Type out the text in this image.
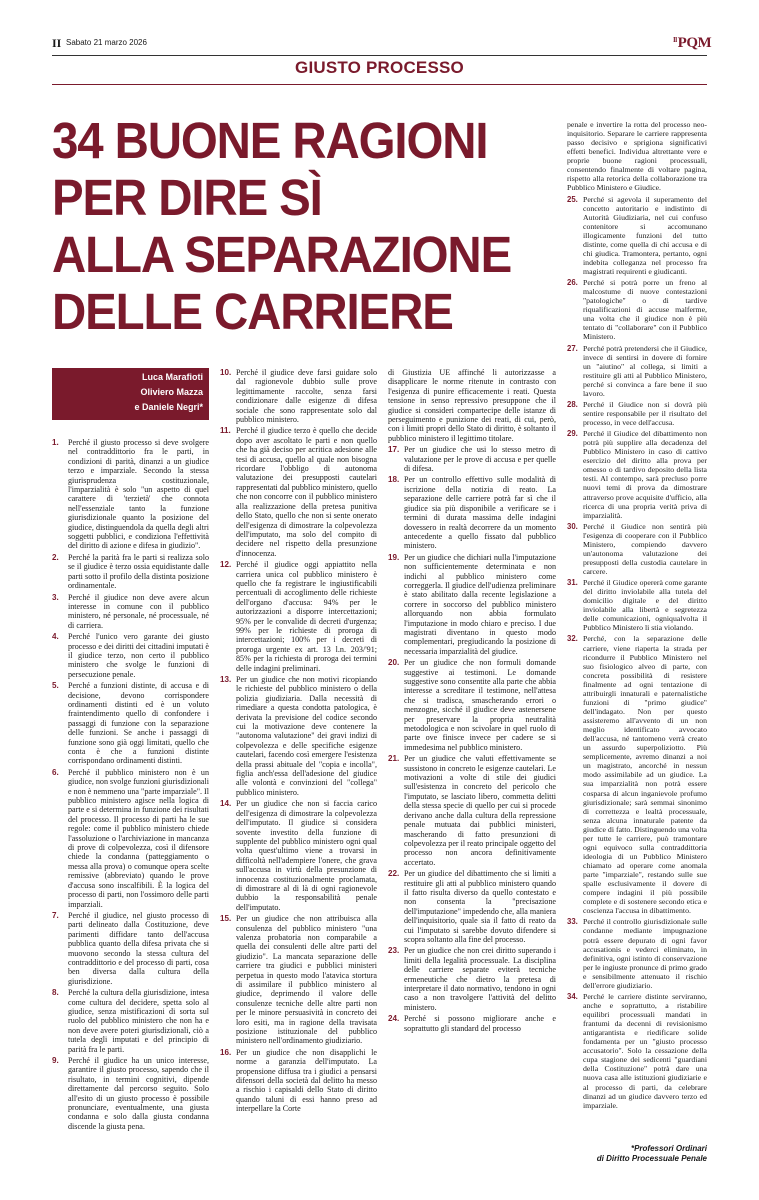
II Sabato 21 marzo 2026	$^{Il}$PQM
GIUSTO PROCESSO
34 BUONE RAGIONI
PER DIRE SÌ
ALLA SEPARAZIONE
DELLE CARRIERE
Luca Marafioti
Oliviero Mazza
e Daniele Negri*
1. Perché il giusto processo si deve svolgere nel contraddittorio fra le parti, in condizioni di parità, dinanzi a un giudice terzo e imparziale. Secondo la stessa giurisprudenza costituzionale, l'imparzialità è solo "un aspetto di quel carattere di 'terzietà' che connota nell'essenziale tanto la funzione giurisdizionale quanto la posizione del giudice, distinguendola da quella degli altri soggetti pubblici, e condiziona l'effettività del diritto di azione e difesa in giudizio".
2. Perché la parità fra le parti si realizza solo se il giudice è terzo ossia equidistante dalle parti sotto il profilo della distinta posizione ordinamentale.
3. Perché il giudice non deve avere alcun interesse in comune con il pubblico ministero, né personale, né processuale, né di carriera.
4. Perché l'unico vero garante dei giusto processo e dei diritti dei cittadini imputati è il giudice terzo, non certo il pubblico ministero che svolge le funzioni di persecuzione penale.
5. Perché a funzioni distinte, di accusa e di decisione, devono corrispondere ordinamenti distinti ed è un voluto fraintendimento quello di confondere i passaggi di funzione con la separazione delle funzioni. Se anche i passaggi di funzione sono già oggi limitati, quello che conta è che a funzioni distinte corrispondano ordinamenti distinti.
6. Perché il pubblico ministero non è un giudice, non svolge funzioni giurisdizionali e non è nemmeno una "parte imparziale". Il pubblico ministero agisce nella logica di parte e si determina in funzione dei risultati del processo. Il processo di parti ha le sue regole: come il pubblico ministero chiede l'assoluzione o l'archiviazione in mancanza di prove di colpevolezza, così il difensore chiede la condanna (patteggiamento o messa alla prova) o comunque opera scelte remissive (abbreviato) quando le prove d'accusa sono inscalfibili. È la logica del processo di parti, non l'ossimoro delle parti imparziali.
7. Perché il giudice, nel giusto processo di parti delineato dalla Costituzione, deve parimenti diffidare tanto dell'accusa pubblica quanto della difesa privata che si muovono secondo la stessa cultura del contraddittorio e del processo di parti, cosa ben diversa dalla cultura della giurisdizione.
8. Perché la cultura della giurisdizione, intesa come cultura del decidere, spetta solo al giudice, senza mistificazioni di sorta sul ruolo del pubblico ministero che non ha e non deve avere poteri giurisdizionali, ciò a tutela degli imputati e del principio di parità fra le parti.
9. Perché il giudice ha un unico interesse, garantire il giusto processo, sapendo che il risultato, in termini cognitivi, dipende direttamente dal percorso seguito. Solo all'esito di un giusto processo è possibile pronunciare, eventualmente, una giusta condanna e solo dalla giusta condanna discende la giusta pena.
10. Perché il giudice deve farsi guidare solo dal ragionevole dubbio sulle prove legittimamente raccolte, senza farsi condizionare dalle esigenze di difesa sociale che sono rappresentate solo dal pubblico ministero.
11. Perché il giudice terzo è quello che decide dopo aver ascoltato le parti e non quello che ha già deciso per acritica adesione alle tesi di accusa, quello al quale non bisogna ricordare l'obbligo di autonoma valutazione dei presupposti cautelari rappresentati dal pubblico ministero, quello che non concorre con il pubblico ministero alla realizzazione della pretesa punitiva dello Stato, quello che non si sente onerato dell'esigenza di dimostrare la colpevolezza dell'imputato, ma solo del compito di decidere nel rispetto della presunzione d'innocenza.
12. Perché il giudice oggi appiattito nella carriera unica col pubblico ministero è quello che fa registrare le ingiustificabili percentuali di accoglimento delle richieste dell'organo d'accusa: 94% per le autorizzazioni a disporre intercettazioni; 95% per le convalide di decreti d'urgenza; 99% per le richieste di proroga di intercettazioni; 100% per i decreti di proroga urgente ex art. 13 l.n. 203/'91; 85% per la richiesta di proroga dei termini delle indagini preliminari.
13. Per un giudice che non motivi ricopiando le richieste del pubblico ministero o della polizia giudiziaria. Dalla necessità di rimediare a questa condotta patologica, è derivata la previsione del codice secondo cui la motivazione deve contenere la "autonoma valutazione" dei gravi indizi di colpevolezza e delle specifiche esigenze cautelari, facendo così emergere l'esistenza della prassi abituale del "copia e incolla", figlia anch'essa dell'adesione del giudice alle volontà e convinzioni del "collega" pubblico ministero.
14. Per un giudice che non si faccia carico dell'esigenza di dimostrare la colpevolezza dell'imputato. Il giudice si considera sovente investito della funzione di supplente del pubblico ministero ogni qual volta quest'ultimo viene a trovarsi in difficoltà nell'adempiere l'onere, che grava sull'accusa in virtù della presunzione di innocenza costituzionalmente proclamata, di dimostrare al di là di ogni ragionevole dubbio la responsabilità penale dell'imputato.
15. Per un giudice che non attribuisca alla consulenza del pubblico ministero "una valenza probatoria non comparabile a quella dei consulenti delle altre parti del giudizio". La mancata separazione delle carriere tra giudici e pubblici ministeri perpetua in questo modo l'atavica stortura di assimilare il pubblico ministero al giudice, deprimendo il valore delle consulenze tecniche delle altre parti non per le minore persuasività in concreto dei loro esiti, ma in ragione della travisata posizione istituzionale del pubblico ministero nell'ordinamento giudiziario.
16. Per un giudice che non disapplichi le norme a garanzia dell'imputato. La propensione diffusa tra i giudici a pensarsi difensori della società dal delitto ha messo a rischio i capisaldi dello Stato di diritto quando taluni di essi hanno preso ad interpellare la Corte
di Giustizia UE affinché li autorizzasse a disapplicare le norme ritenute in contrasto con l'esigenza di punire efficacemente i reati. Questa tensione in senso repressivo presuppone che il giudice si consideri compartecipe delle istanze di perseguimento e punizione dei reati, di cui, però, con i limiti propri dello Stato di diritto, è soltanto il pubblico ministero il legittimo titolare.
17. Per un giudice che usi lo stesso metro di valutazione per le prove di accusa e per quelle di difesa.
18. Per un controllo effettivo sulle modalità di iscrizione della notizia di reato. La separazione delle carriere potrà far sì che il giudice sia più disponibile a verificare se i termini di durata massima delle indagini dovessero in realtà decorrere da un momento antecedente a quello fissato dal pubblico ministero.
19. Per un giudice che dichiari nulla l'imputazione non sufficientemente determinata e non indichi al pubblico ministero come correggerla. Il giudice dell'udienza preliminare è stato abilitato dalla recente legislazione a correre in soccorso del pubblico ministero allorquando non abbia formulato l'imputazione in modo chiaro e preciso. I due magistrati diventano in questo modo complementari, pregiudicando la posizione di necessaria imparzialità del giudice.
20. Per un giudice che non formuli domande suggestive ai testimoni. Le domande suggestive sono consentite alla parte che abbia interesse a screditare il testimone, nell'attesa che si tradisca, smascherando errori o menzogne, sicché il giudice deve astenersene per preservare la propria neutralità metodologica e non scivolare in quel ruolo di parte ove finisce invece per cadere se si immedesima nel pubblico ministero.
21. Per un giudice che valuti effettivamente se sussistono in concreto le esigenze cautelari. Le motivazioni a volte di stile dei giudici sull'esistenza in concreto del pericolo che l'imputato, se lasciato libero, commetta delitti della stessa specie di quello per cui si procede derivano anche dalla cultura della repressione penale mutuata dai pubblici ministeri, mascherando di fatto presunzioni di colpevolezza per il reato principale oggetto del processo non ancora definitivamente accertato.
22. Per un giudice del dibattimento che si limiti a restituire gli atti al pubblico ministero quando il fatto risulta diverso da quello contestato e non consenta la "precisazione dell'imputazione" impedendo che, alla maniera dell'inquisitorio, quale sia il fatto di reato da cui l'imputato si sarebbe dovuto difendere si scopra soltanto alla fine del processo.
23. Per un giudice che non crei diritto superando i limiti della legalità processuale. La disciplina delle carriere separate eviterà tecniche ermeneutiche che dietro la pretesa di interpretare il dato normativo, tendono in ogni caso a non travolgere l'attività del delitto ministero.
24. Perché si possono migliorare anche e soprattutto gli standard del processo
penale e invertire la rotta del processo neo-inquisitorio. Separare le carriere rappresenta passo decisivo e sprigiona significativi effetti benefici. Individua altrettante vere e proprie buone ragioni processuali, consentendo finalmente di voltare pagina, rispetto alla retorica della collaborazione tra Pubblico Ministero e Giudice.
25. Perché si agevola il superamento del concetto autoritario e indistinto di Autorità Giudiziaria, nel cui confuso contenitore si accomunano illogicamente funzioni del tutto distinte, come quella di chi accusa e di chi giudica. Tramontera, pertanto, ogni indebita colleganza nel processo fra magistrati requirenti e giudicanti.
26. Perché si potrà porre un freno al malcostume di nuove contestazioni "patologiche" o di tardive riqualificazioni di accuse malferme, una volta che il giudice non è più tentato di "collaborare" con il Pubblico Ministero.
27. Perché potrà pretendersi che il Giudice, invece di sentirsi in dovere di fornire un "aiutino" al collega, si limiti a restituire gli atti al Pubblico Ministero, perché si convinca a fare bene il suo lavoro.
28. Perché il Giudice non si dovrà più sentire responsabile per il risultato del processo, in vece dell'accusa.
29. Perché il Giudice del dibattimento non potrà più supplire alla decadenza del Pubblico Ministero in caso di cattivo esercizio del diritto alla prova per omesso o di tardivo deposito della lista testi. Al contempo, sarà precluso porre nuovi temi di prova da dimostrare attraverso prove acquisite d'ufficio, alla ricerca di una propria verità priva di imparzialità.
30. Perché il Giudice non sentirà più l'esigenza di cooperare con il Pubblico Ministero, compiendo davvero un'autonoma valutazione dei presupposti della custodia cautelare in carcere.
31. Perché il Giudice opererà come garante del diritto inviolabile alla tutela del domicilio digitale e del diritto inviolabile alla libertà e segretezza delle comunicazioni, ogniqualvolta il Pubblico Ministero li stia violando.
32. Perché, con la separazione delle carriere, viene riaperta la strada per ricondurre il Pubblico Ministero nel suo fisiologico alveo di parte, con concreta possibilità di resistere finalmente ad ogni tentazione di attribuirgli innaturali e paternalistiche funzioni di "primo giudice" dell'indagato. Non per questo assisteremo all'avvento di un non meglio identificato avvocato dell'accusa, né tantomeno verrà creato un assurdo superpoliziotto. Più semplicemente, avremo dinanzi a noi un magistrato, ancorché in nessun modo assimilabile ad un giudice. La sua imparzialità non potrà essere cosparsa di alcun inganievole profumo giurisdizionale; sarà semmai sinonimo di correttezza e lealtà processuale, senza alcuna innaturale patente da giudice di fatto. Distinguendo una volta per tutte le carriere, può tramontare ogni equivoco sulla contraddittoria ideologia di un Pubblico Ministero chiamato ad operare come anomala parte "imparziale", restando sulle sue spalle esclusivamente il dovere di compere indagini il più possibile complete e di sostenere secondo etica e coscienza l'accusa in dibattimento.
33. Perché il controllo giurisdizionale sulle condanne mediante impugnazione potrà essere depurato di ogni favor accusationis e vederci eliminato, in definitiva, ogni istinto di conservazione per le ingiuste pronunce di primo grado e sensibilmente attenuato il rischio dell'errore giudiziario.
34. Perché le carriere distinte serviranno, anche e soprattutto, a ristabilire equilibri processuali mandati in frantumi da decenni di revisionismo antigarantista e riedificare solide fondamenta per un "giusto processo accusatorio". Solo la cessazione della cupa stagione dei sedicenti "guardiani della Costituzione" potrà dare una nuova casa alle istituzioni giudiziarie e al processo di parti, da celebrare dinanzi ad un giudice davvero terzo ed imparziale.
*Professori Ordinari
di Diritto Processuale Penale
